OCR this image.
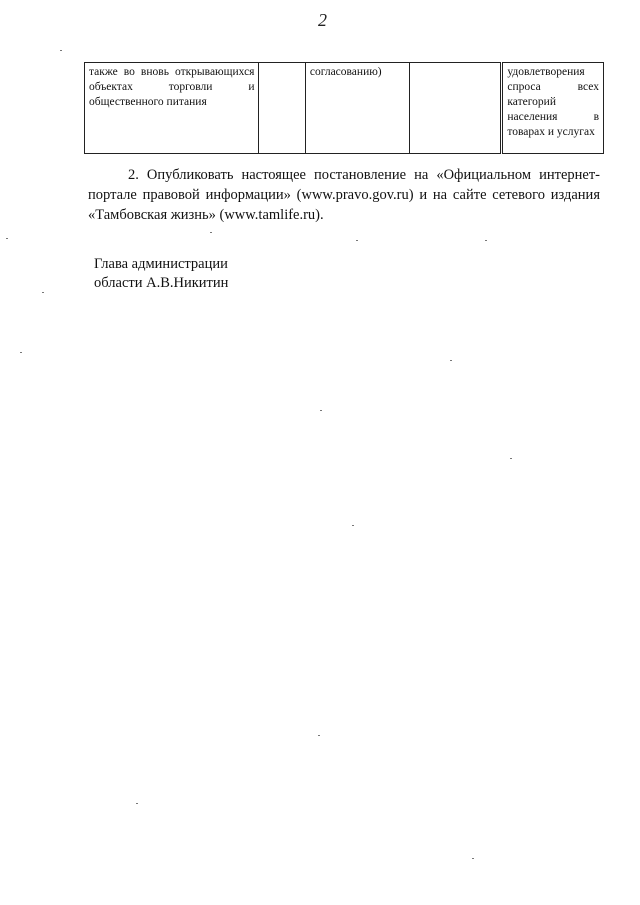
2
также во вновь открывающихся объектах торговли и общественного питания		согласованию)		удовлетворения спроса всех категорий населения в товарах и услугах
2. Опубликовать настоящее постановление на «Официальном интернет-портале правовой информации» (www.pravo.gov.ru) и на сайте сетевого издания «Тамбовская жизнь» (www.tamlife.ru).
Глава администрации
области А.В.Никитин
